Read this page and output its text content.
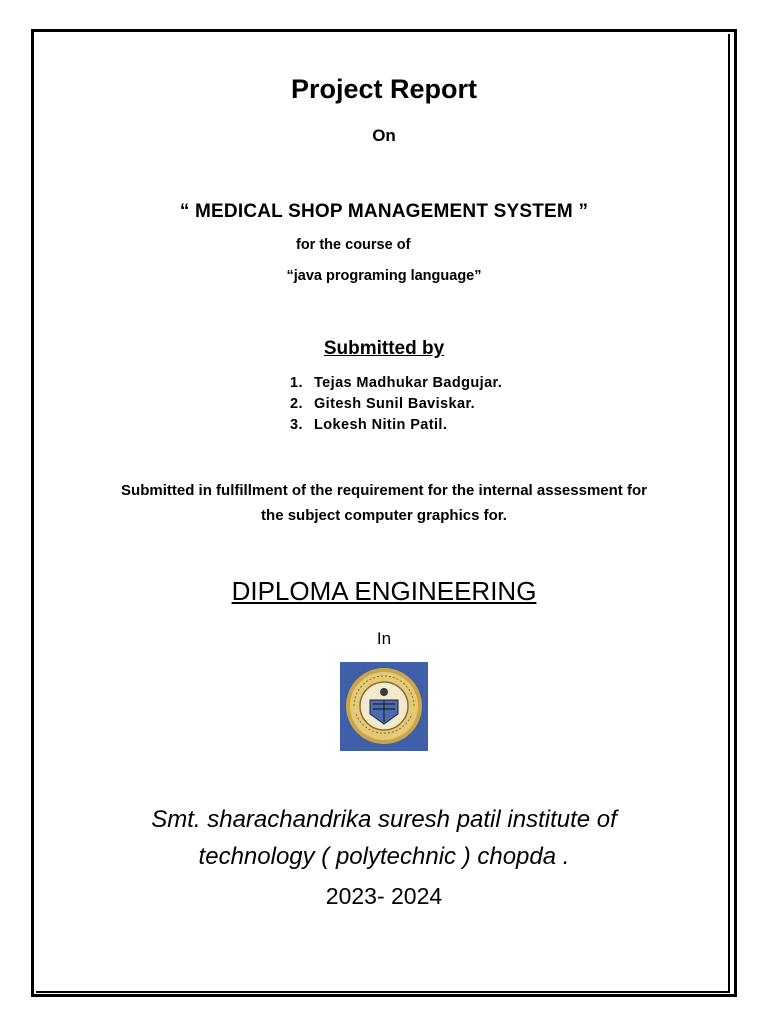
Project Report
On
“ MEDICAL SHOP MANAGEMENT SYSTEM ”
for the course of
“java programing language”
Submitted by
1. Tejas Madhukar Badgujar.
2. Gitesh Sunil Baviskar.
3. Lokesh Nitin Patil.
Submitted in fulfillment of the requirement for the internal assessment for
the subject computer graphics for.
DIPLOMA ENGINEERING
In
Smt. sharachandrika suresh patil institute of
technology ( polytechnic ) chopda .
2023- 2024
